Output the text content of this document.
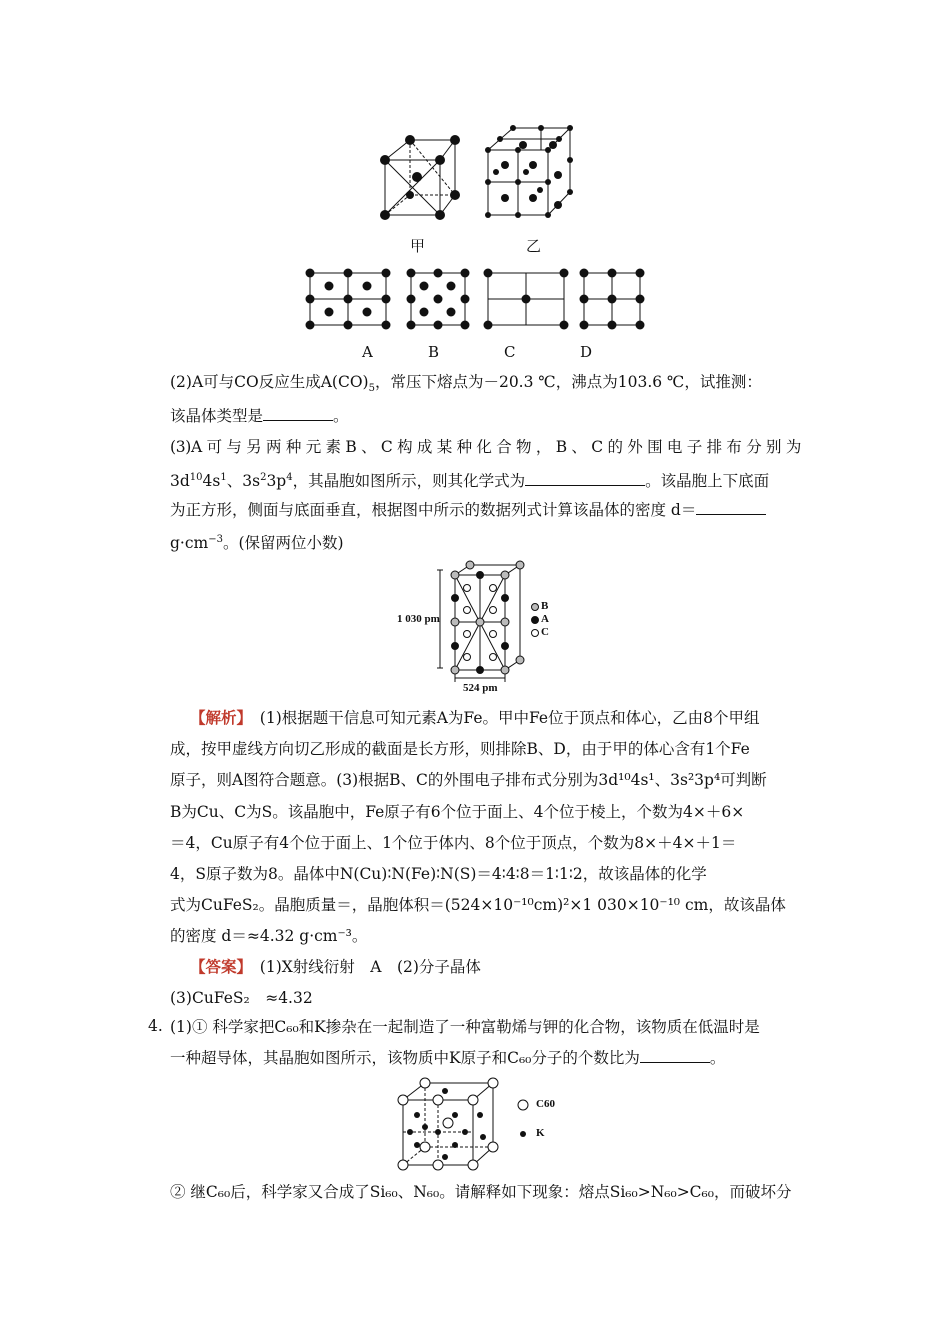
甲	乙
A	B	C	D
(2)A可与CO反应生成$A(CO)_5$，常压下熔点为－20.3 ℃，沸点为103.6 ℃，试推测：
该晶体类型是	。
(3)A 可 与 另 两 种 元 素 B 、 C 构 成 某 种 化 合 物 ， B 、 C 的 外 围 电 子 排 布 分 别 为
$3d^{10}4s^1$、$3s^23p^4$，其晶胞如图所示，则其化学式为	。该晶胞上下底面
为正方形，侧面与底面垂直，根据图中所示的数据列式计算该晶体的密度 d＝
$g\cdot cm^{-3}$。(保留两位小数)
1 030 pm
524 pm
B
A
C
【解析】　 (1)根据题干信息可知元素A为Fe。甲中Fe位于顶点和体心，乙由8个甲组
成，按甲虚线方向切乙形成的截面是长方形，则排除B、D，由于甲的体心含有1个Fe
原子，则A图符合题意。(3)根据B、C的外围电子排布式分别为3d¹⁰4s¹、3s²3p⁴可判断
B为Cu、C为S。该晶胞中，Fe原子有6个位于面上、4个位于棱上，个数为4×＋6×
＝4，Cu原子有4个位于面上、1个位于体内、8个位于顶点，个数为8×＋4×＋1＝
4，S原子数为8。晶体中N(Cu)∶N(Fe)∶N(S)＝4∶4∶8＝1∶1∶2，故该晶体的化学
式为CuFeS₂。晶胞质量＝，晶胞体积＝(524×10⁻¹⁰cm)²×1 030×10⁻¹⁰ cm，故该晶体
的密度 d＝≈4.32 g·cm⁻³。
【答案】　 (1)X射线衍射　A　(2)分子晶体
(3)CuFeS₂　≈4.32
4. (1)① 科学家把C₆₀和K掺杂在一起制造了一种富勒烯与钾的化合物，该物质在低温时是
一种超导体，其晶胞如图所示，该物质中K原子和C₆₀分子的个数比为	。
C60
K
② 继C₆₀后，科学家又合成了Si₆₀、N₆₀。请解释如下现象：熔点Si₆₀>N₆₀>C₆₀，而破坏分
